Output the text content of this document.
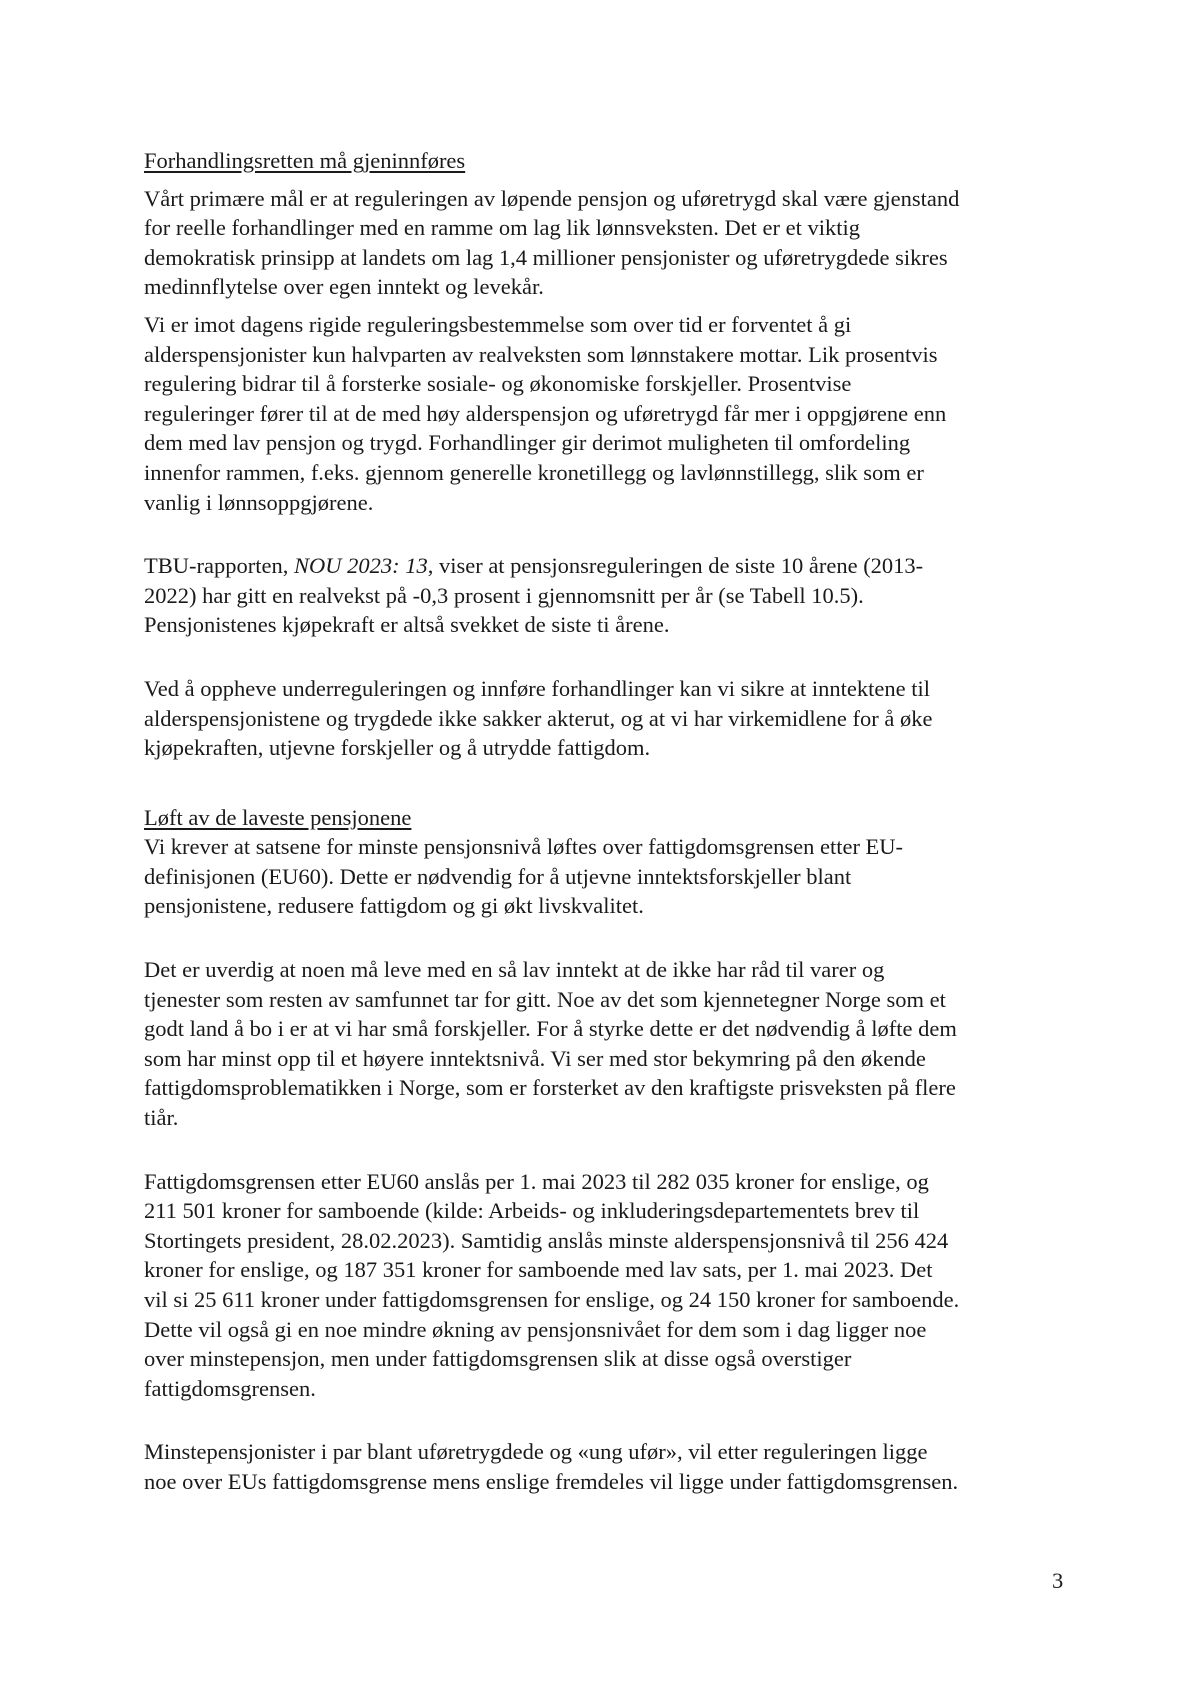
Forhandlingsretten må gjeninnføres
Vårt primære mål er at reguleringen av løpende pensjon og uføretrygd skal være gjenstand
for reelle forhandlinger med en ramme om lag lik lønnsveksten. Det er et viktig
demokratisk prinsipp at landets om lag 1,4 millioner pensjonister og uføretrygdede sikres
medinnflytelse over egen inntekt og levekår.
Vi er imot dagens rigide reguleringsbestemmelse som over tid er forventet å gi
alderspensjonister kun halvparten av realveksten som lønnstakere mottar. Lik prosentvis
regulering bidrar til å forsterke sosiale- og økonomiske forskjeller. Prosentvise
reguleringer fører til at de med høy alderspensjon og uføretrygd får mer i oppgjørene enn
dem med lav pensjon og trygd. Forhandlinger gir derimot muligheten til omfordeling
innenfor rammen, f.eks. gjennom generelle kronetillegg og lavlønnstillegg, slik som er
vanlig i lønnsoppgjørene.
TBU-rapporten, NOU 2023: 13, viser at pensjonsreguleringen de siste 10 årene (2013-
2022) har gitt en realvekst på -0,3 prosent i gjennomsnitt per år (se Tabell 10.5).
Pensjonistenes kjøpekraft er altså svekket de siste ti årene.
Ved å oppheve underreguleringen og innføre forhandlinger kan vi sikre at inntektene til
alderspensjonistene og trygdede ikke sakker akterut, og at vi har virkemidlene for å øke
kjøpekraften, utjevne forskjeller og å utrydde fattigdom.
Løft av de laveste pensjonene
Vi krever at satsene for minste pensjonsnivå løftes over fattigdomsgrensen etter EU-
definisjonen (EU60). Dette er nødvendig for å utjevne inntektsforskjeller blant
pensjonistene, redusere fattigdom og gi økt livskvalitet.
Det er uverdig at noen må leve med en så lav inntekt at de ikke har råd til varer og
tjenester som resten av samfunnet tar for gitt. Noe av det som kjennetegner Norge som et
godt land å bo i er at vi har små forskjeller. For å styrke dette er det nødvendig å løfte dem
som har minst opp til et høyere inntektsnivå. Vi ser med stor bekymring på den økende
fattigdomsproblematikken i Norge, som er forsterket av den kraftigste prisveksten på flere
tiår.
Fattigdomsgrensen etter EU60 anslås per 1. mai 2023 til 282 035 kroner for enslige, og
211 501 kroner for samboende (kilde: Arbeids- og inkluderingsdepartementets brev til
Stortingets president, 28.02.2023). Samtidig anslås minste alderspensjonsnivå til 256 424
kroner for enslige, og 187 351 kroner for samboende med lav sats, per 1. mai 2023. Det
vil si 25 611 kroner under fattigdomsgrensen for enslige, og 24 150 kroner for samboende.
Dette vil også gi en noe mindre økning av pensjonsnivået for dem som i dag ligger noe
over minstepensjon, men under fattigdomsgrensen slik at disse også overstiger
fattigdomsgrensen.
Minstepensjonister i par blant uføretrygdede og «ung ufør», vil etter reguleringen ligge
noe over EUs fattigdomsgrense mens enslige fremdeles vil ligge under fattigdomsgrensen.
3
